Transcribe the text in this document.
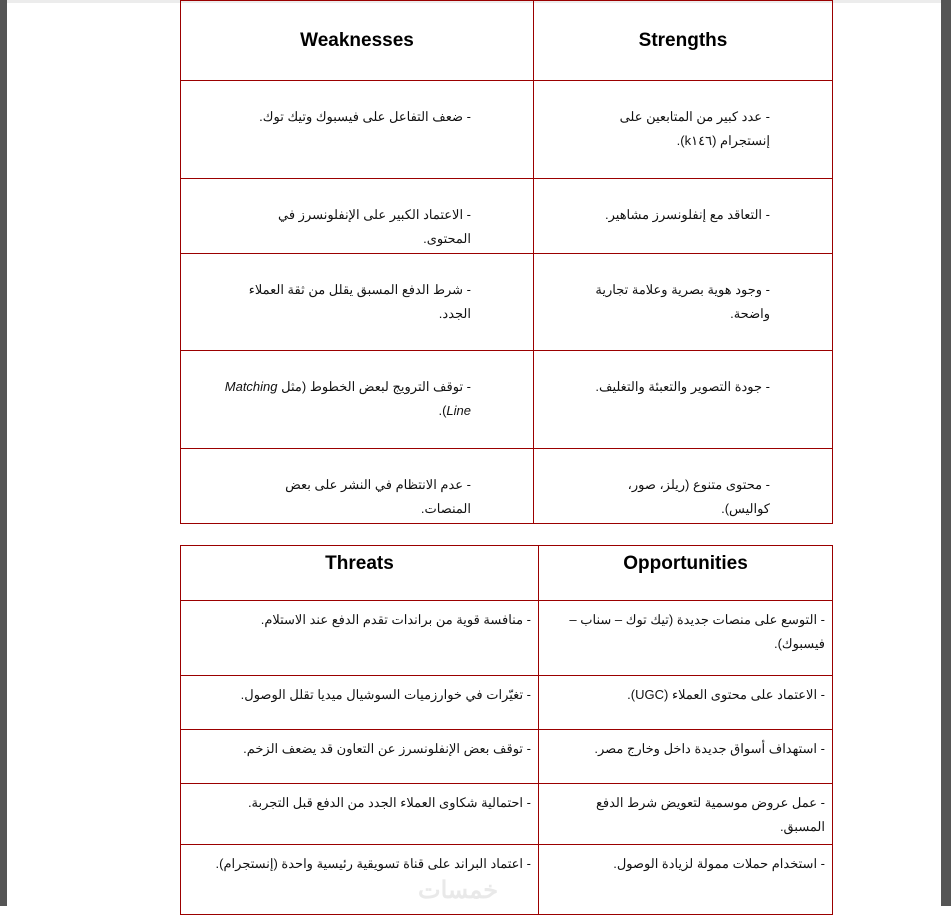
Weaknesses	Strengths
- ضعف التفاعل على فيسبوك وتيك توك.	- عدد كبير من المتابعين على إنستجرام (k١٤٦).
- الاعتماد الكبير على الإنفلونسرز في المحتوى.	- التعاقد مع إنفلونسرز مشاهير.
- شرط الدفع المسبق يقلل من ثقة العملاء الجدد.	- وجود هوية بصرية وعلامة تجارية واضحة.
- توقف الترويج لبعض الخطوط (مثل Matching Line).	- جودة التصوير والتعبئة والتغليف.
- عدم الانتظام في النشر على بعض المنصات.	- محتوى متنوع (ريلز، صور، كواليس).
Threats	Opportunities
- منافسة قوية من براندات تقدم الدفع عند الاستلام.	- التوسع على منصات جديدة (تيك توك – سناب – فيسبوك).
- تغيّرات في خوارزميات السوشيال ميديا تقلل الوصول.	- الاعتماد على محتوى العملاء (UGC).
- توقف بعض الإنفلونسرز عن التعاون قد يضعف الزخم.	- استهداف أسواق جديدة داخل وخارج مصر.
- احتمالية شكاوى العملاء الجدد من الدفع قبل التجربة.	- عمل عروض موسمية لتعويض شرط الدفع المسبق.
- اعتماد البراند على قناة تسويقية رئيسية واحدة (إنستجرام).	- استخدام حملات ممولة لزيادة الوصول.
خمسات
